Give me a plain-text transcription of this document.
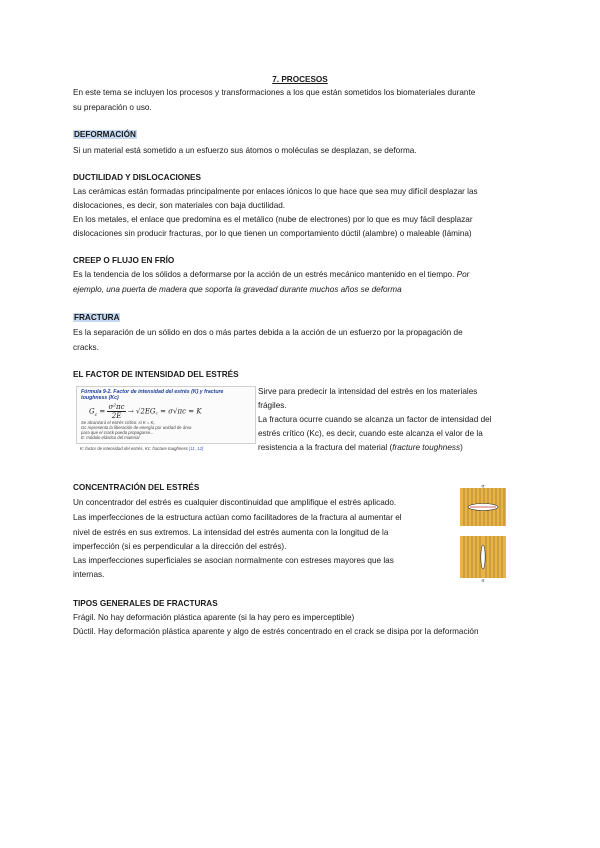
7. PROCESOS
En este tema se incluyen los procesos y transformaciones a los que están sometidos los biomateriales durante
su preparación o uso.
DEFORMACIÓN
Si un material está sometido a un esfuerzo sus átomos o moléculas se desplazan, se deforma.
DUCTILIDAD Y DISLOCACIONES
Las cerámicas están formadas principalmente por enlaces iónicos lo que hace que sea muy difícil desplazar las
dislocaciones, es decir, son materiales con baja ductilidad.
En los metales, el enlace que predomina es el metálico (nube de electrones) por lo que es muy fácil desplazar
dislocaciones sin producir fracturas, por lo que tienen un comportamiento dúctil (alambre) o maleable (lámina)
CREEP O FLUJO EN FRÍO
Es la tendencia de los sólidos a deformarse por la acción de un estrés mecánico mantenido en el tiempo. Por
ejemplo, una puerta de madera que soporta la gravedad durante muchos años se deforma
FRACTURA
Es la separación de un sólido en dos o más partes debida a la acción de un esfuerzo por la propagación de
cracks.
EL FACTOR DE INTENSIDAD DEL ESTRÉS
Fórmula 9-2. Factor de intensidad del estrés (K) y fracture toughness (Kc)
$G_c = \frac{\text{σ²πc}}{2E}$ → √2EG꜀ = σ√πc = K
Se alcanzará el estrés crítico: si K = K꜀
Gc representa la liberación de energía por unidad de área
para que el crack pueda propagarse...
E: módulo elástico del material
K: factor de intensidad del estrés, Kc: fracture toughness [11, 12]
Sirve para predecir la intensidad del estrés en los materiales
frágiles.
La fractura ocurre cuando se alcanza un factor de intensidad del
estrés crítico (Kc), es decir, cuando este alcanza el valor de la
resistencia a la fractura del material (fracture toughness)
CONCENTRACIÓN DEL ESTRÉS
Un concentrador del estrés es cualquier discontinuidad que amplifique el estrés aplicado.
Las imperfecciones de la estructura actúan como facilitadores de la fractura al aumentar el
nivel de estrés en sus extremos. La intensidad del estrés aumenta con la longitud de la
imperfección (si es perpendicular a la dirección del estrés).
Las imperfecciones superficiales se asocian normalmente con estreses mayores que las
internas.
σ
σ
TIPOS GENERALES DE FRACTURAS
Frágil. No hay deformación plástica aparente (si la hay pero es imperceptible)
Dúctil. Hay deformación plástica aparente y algo de estrés concentrado en el crack se disipa por la deformación
